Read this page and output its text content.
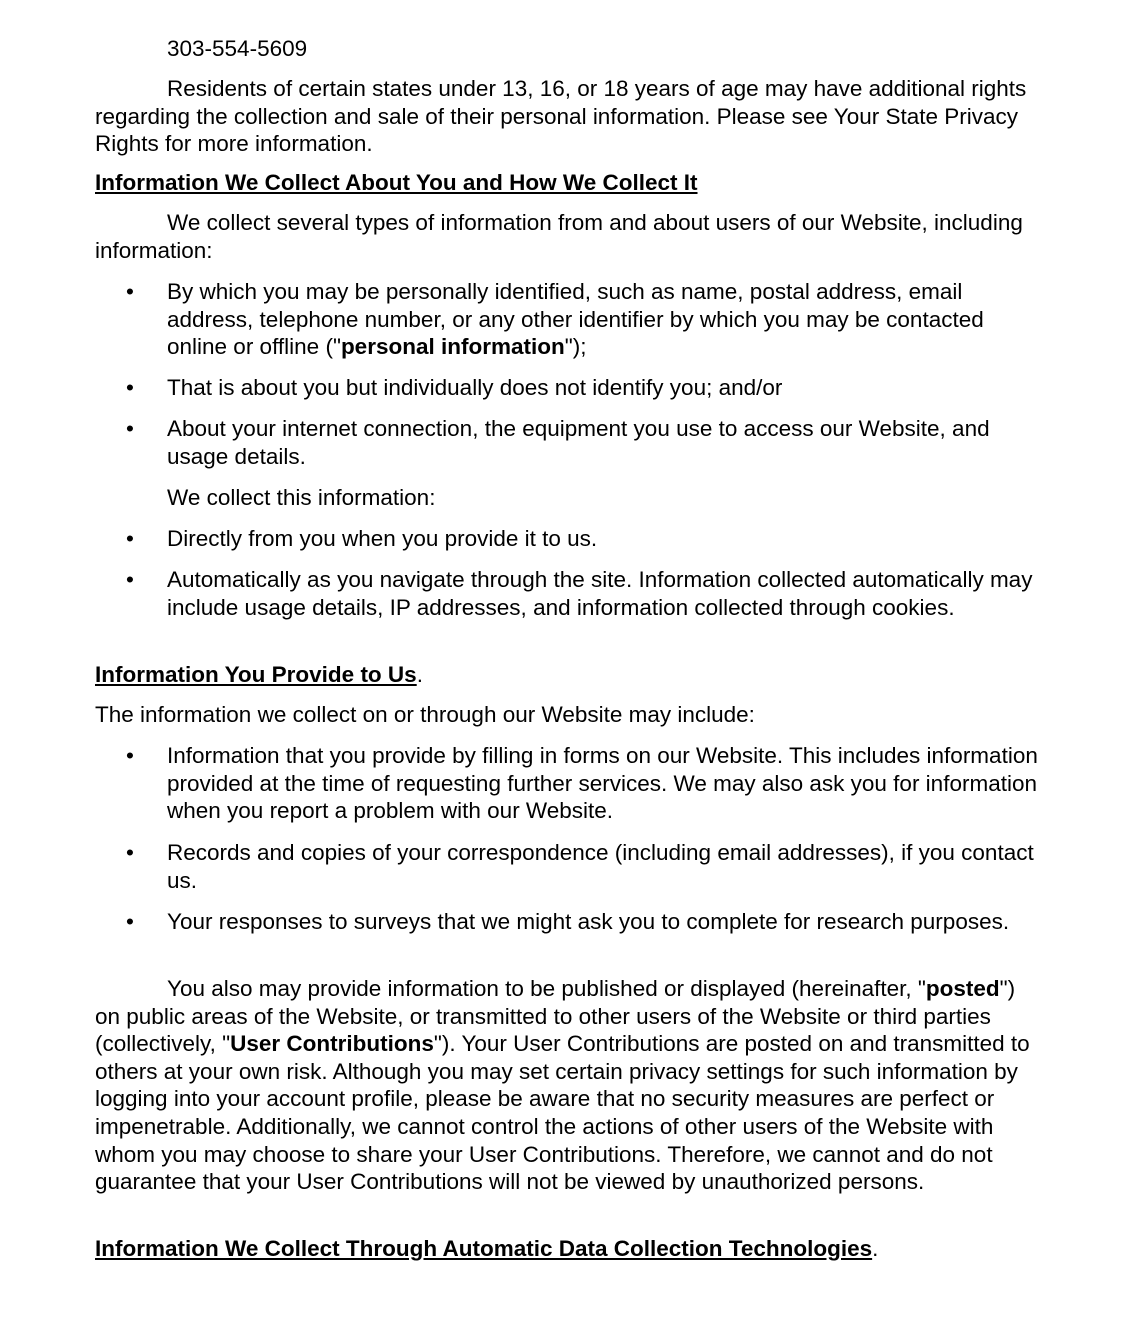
303-554-5609
Residents of certain states under 13, 16, or 18 years of age may have additional rights regarding the collection and sale of their personal information. Please see Your State Privacy Rights for more information.
Information We Collect About You and How We Collect It
We collect several types of information from and about users of our Website, including information:
• By which you may be personally identified, such as name, postal address, email address, telephone number, or any other identifier by which you may be contacted online or offline ("personal information");
• That is about you but individually does not identify you; and/or
• About your internet connection, the equipment you use to access our Website, and usage details.
We collect this information:
• Directly from you when you provide it to us.
• Automatically as you navigate through the site. Information collected automatically may include usage details, IP addresses, and information collected through cookies.
Information You Provide to Us.
The information we collect on or through our Website may include:
• Information that you provide by filling in forms on our Website. This includes information provided at the time of requesting further services. We may also ask you for information when you report a problem with our Website.
• Records and copies of your correspondence (including email addresses), if you contact us.
• Your responses to surveys that we might ask you to complete for research purposes.
You also may provide information to be published or displayed (hereinafter, "posted") on public areas of the Website, or transmitted to other users of the Website or third parties (collectively, "User Contributions"). Your User Contributions are posted on and transmitted to others at your own risk. Although you may set certain privacy settings for such information by logging into your account profile, please be aware that no security measures are perfect or impenetrable. Additionally, we cannot control the actions of other users of the Website with whom you may choose to share your User Contributions. Therefore, we cannot and do not guarantee that your User Contributions will not be viewed by unauthorized persons.
Information We Collect Through Automatic Data Collection Technologies.
